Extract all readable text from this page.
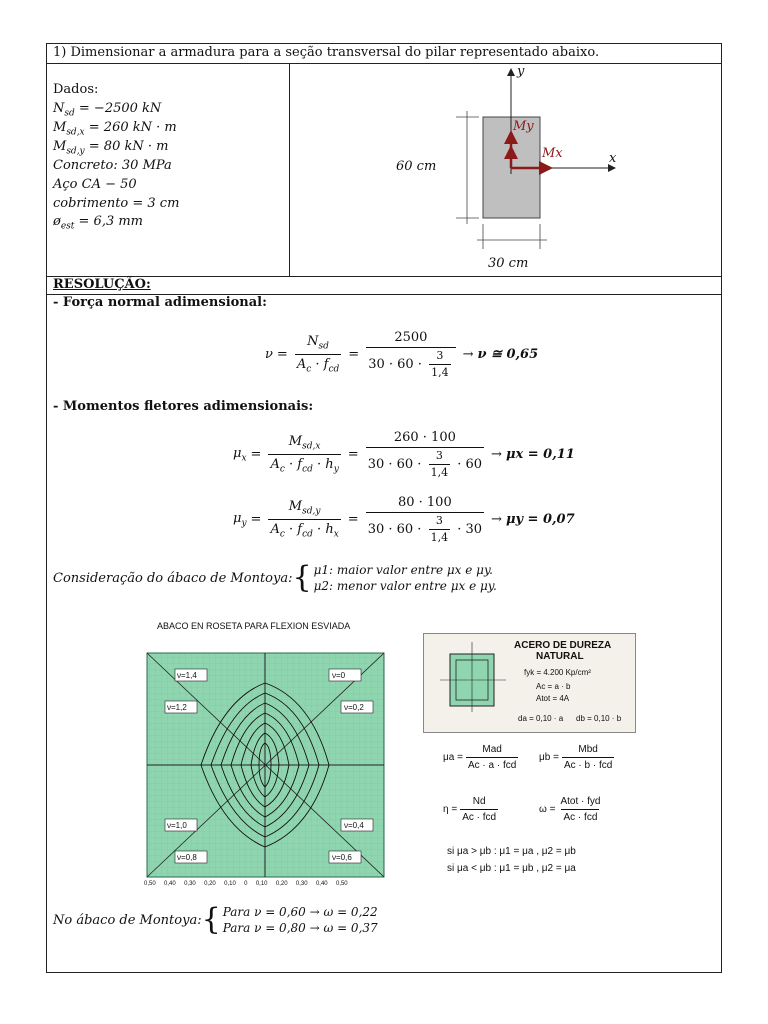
1) Dimensionar a armadura para a seção transversal do pilar representado abaixo.
Dados:
$N_{sd} = -2500$ kN
$M_{sd,x} = 260$ kN · m
$M_{sd,y} = 80$ kN · m
Concreto: 30 MPa
Aço CA − 50
cobrimento = 3 cm
$ø_{est} = 6,3$ mm
y
x
My
Mx
60 cm
30 cm
RESOLUÇÃO:
- Força normal adimensional:
$\nu = \frac{N_{sd}}{A_c \cdot f_{cd}} = \frac{2500}{30 \cdot 60 \cdot \frac{3}{1,4}} \to \nu$ ≅ 0,65
- Momentos fletores adimensionais:
$\mu_x = \frac{M_{sd,x}}{A_c \cdot f_{cd} \cdot h_y} = \frac{260 \cdot 100}{30 \cdot 60 \cdot \frac{3}{1,4} \cdot 60} \to \mu x = 0,11$
$\mu_y = \frac{M_{sd,y}}{A_c \cdot f_{cd} \cdot h_x} = \frac{80 \cdot 100}{30 \cdot 60 \cdot \frac{3}{1,4} \cdot 30} \to \mu y = 0,07$
Consideração do ábaco de Montoya: { μ1: maior valor entre μx e μy.
μ2: menor valor entre μx e μy.
ABACO EN ROSETA PARA FLEXION ESVIADA
ν=1,4	ν=0
ν=1,2	ν=0,2
ν=1,0	ν=0,4
ν=0,8	ν=0,6
0,50 0,40 0,30 0,20 0,10 0 0,10 0,20 0,30 0,40 0,50
ACERO DE DUREZA
NATURAL
fyk = 4.200 Kp/cm²
Ac = a · b
Atot = 4A
da = 0,10 · a db = 0,10 · b
$\mu a = \frac{\text{Mad}}{\text{Ac · a · fcd}}$ $\mu b = \frac{\text{Mbd}}{\text{Ac · b · fcd}}$
$\eta = \frac{Nd}{\text{Ac · fcd}}$	$\omega = \frac{\text{Atot · fyd}}{\text{Ac · fcd}}$
si μa > μb : μ1 = μa , μ2 = μb
si μa < μb : μ1 = μb , μ2 = μa
No ábaco de Montoya: { Para ν = 0,60 → ω = 0,22
Para ν = 0,80 → ω = 0,37
